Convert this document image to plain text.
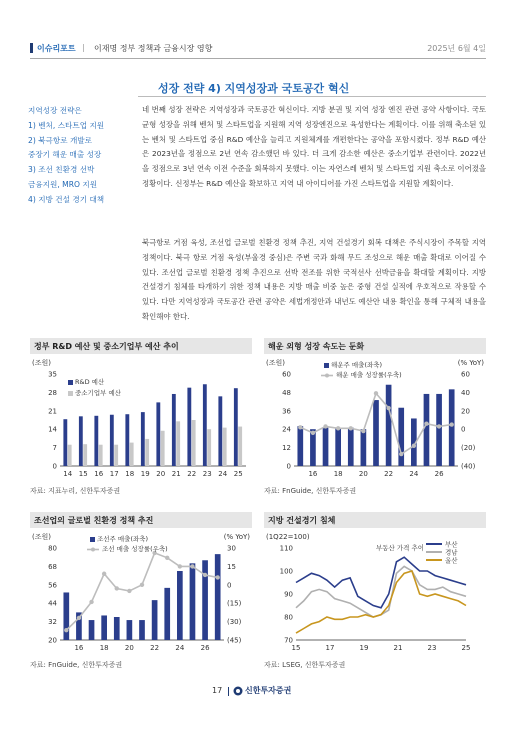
이슈리포트 | 이재명 정부 정책과 금융시장 영향	2025년 6월 4일
성장 전략 4) 지역성장과 국토공간 혁신
지역성장 전략은
1) 벤처, 스타트업 지원
2) 북극항로 개발로
중장기 해운 매출 성장
3) 조선 친환경 선박
금융지원, MRO 지원
4) 지방 건설 경기 대책

네 번째 성장 전략은 지역성장과 국토공간 혁신이다. 지방 분권 및 지역 성장 엔진 관련 공약 사항이다. 국토 균형 성장을 위해 벤처 및 스타트업을 지원해 지역 성장엔진으로 육성한다는 계획이다. 이를 위해 축소된 있는 벤처 및 스타트업 중심 R&D 예산을 늘리고 지원체계를 개편한다는 공약을 포함시켰다. 정부 R&D 예산은 2023년을 정점으로 2년 연속 감소했던 바 있다. 더 크게 감소한 예산은 중소기업부 관련이다. 2022년을 정점으로 3년 연속 이전 수준을 회복하지 못했다. 이는 자연스레 벤처 및 스타트업 지원 축소로 이어졌을 정황이다. 신정부는 R&D 예산을 확보하고 지역 내 아이디어를 가진 스타트업을 지원할 계획이다.

북극항로 거점 육성, 조선업 글로벌 친환경 정책 추진, 지역 건설경기 회복 대책은 주식시장이 주목할 지역 정책이다. 북극 항로 거점 육성(부울경 중심)은 주변 국과 화해 무드 조성으로 해운 매출 확대로 이어질 수 있다. 조선업 글로벌 친환경 정책 추진으로 선박 전조를 위한 국적선사 선박금융을 확대할 계획이다. 지방 건설경기 침체를 타개하기 위한 정책 내용은 지방 매출 비중 높은 중형 건설 실적에 우호적으로 작용할 수 있다. 다만 지역성장과 국토공간 관련 공약은 세법개정안과 내년도 예산안 내용 확인을 통해 구체적 내용을 확인해야 한다.

정부 R&D 예산 및 중소기업부 예산 추이
(조원)
0
7
14
21
28
35
14 15 16 17 18 19 20 21 22 23 24 25
R&D 예산
중소기업부 예산
자료: 지표누리, 신한투자증권
해운 외형 성장 속도는 둔화
(조원)	(% YoY)
0
12
24
36
48
60
(40)
(20)
0
20
40
60
16 18 20 22 24 26
해운주 매출(좌축)
해운 매출 성장률(우축)
자료: FnGuide, 신한투자증권
조선업의 글로벌 친환경 정책 추진
(조원)	(% YoY)
20
32
44
56
68
80
(45)
(30)
(15)
0
15
30
16 18 20 22 24 26
조선주 매출(좌축)
조선 매출 성장률(우축)
자료: FnGuide, 신한투자증권
지방 건설경기 침체
(1Q22=100)
70
80
90
100
110
15	17	19	21	23	25
부동산 가격 추이	부산
경남
울산
자료: LSEG, 신한투자증권
17	신한투자증권
